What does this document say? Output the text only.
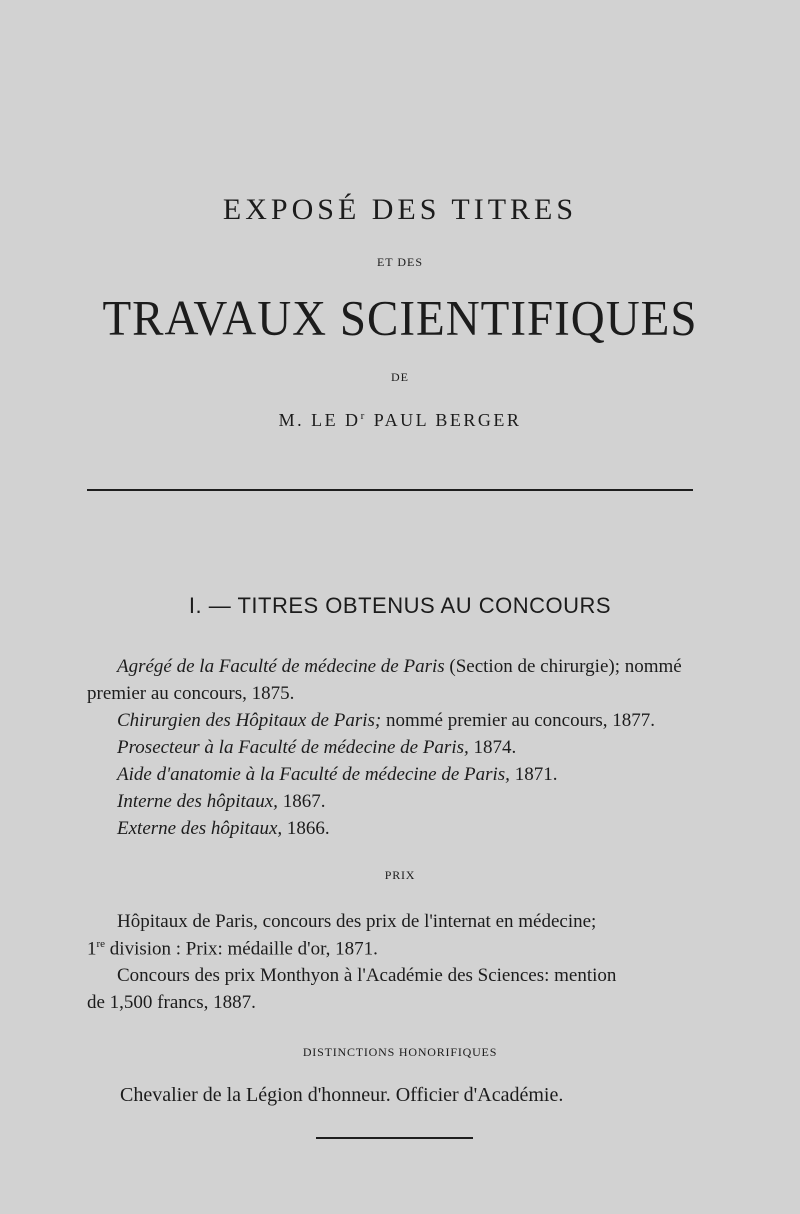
EXPOSÉ DES TITRES
ET DES
TRAVAUX SCIENTIFIQUES
DE
M. LE $D^r$ PAUL BERGER
I. — TITRES OBTENUS AU CONCOURS
Agrégé de la Faculté de médecine de Paris (Section de chirurgie); nommé
premier au concours, 1875.
Chirurgien des Hôpitaux de Paris; nommé premier au concours, 1877.
Prosecteur à la Faculté de médecine de Paris, 1874.
Aide d'anatomie à la Faculté de médecine de Paris, 1871.
Interne des hôpitaux, 1867.
Externe des hôpitaux, 1866.
PRIX
Hôpitaux de Paris, concours des prix de l'internat en médecine;
1re division : Prix: médaille d'or, 1871.
Concours des prix Monthyon à l'Académie des Sciences: mention
de 1,500 francs, 1887.
DISTINCTIONS HONORIFIQUES
Chevalier de la Légion d'honneur. Officier d'Académie.
